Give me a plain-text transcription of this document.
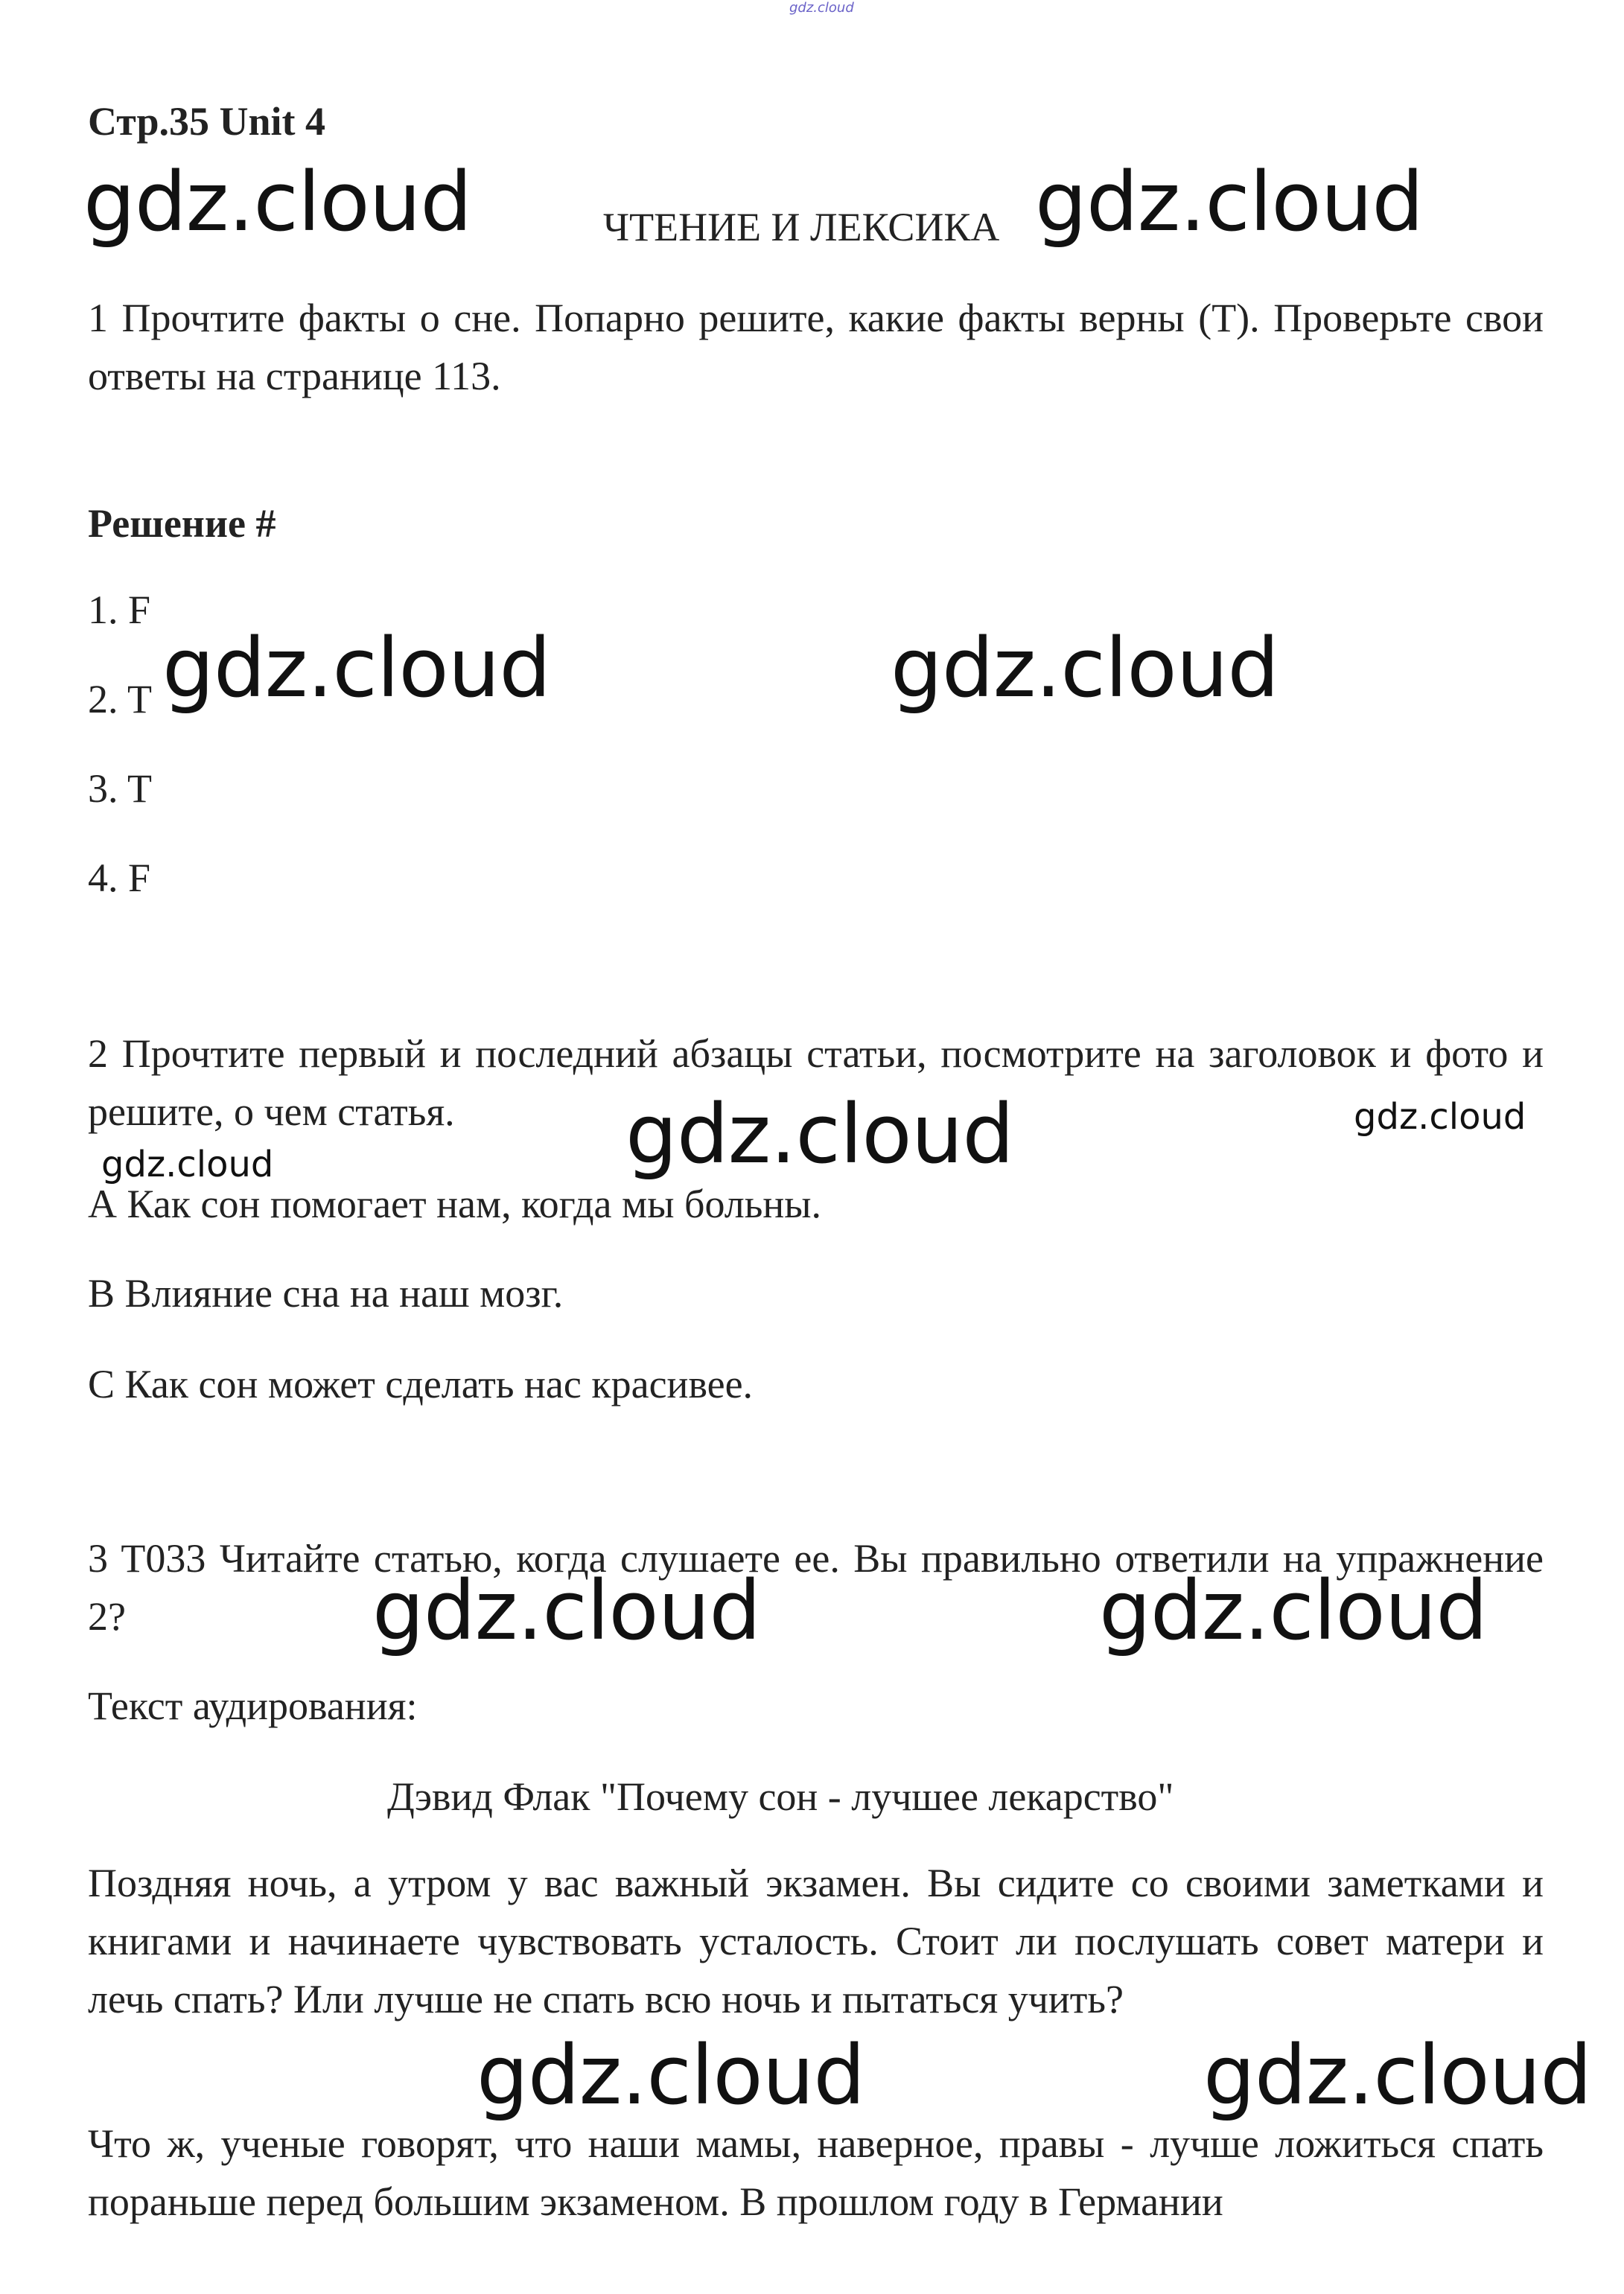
gdz.cloud
Стр.35 Unit 4
ЧТЕНИЕ И ЛЕКСИКА
1 Прочтите факты о сне. Попарно решите, какие факты верны (T). Проверьте свои ответы на странице 113.
Решение #
1. F
2. T
3. T
4. F
2 Прочтите первый и последний абзацы статьи, посмотрите на заголовок и фото и решите, о чем статья.
А Как сон помогает нам, когда мы больны.
В Влияние сна на наш мозг.
С Как сон может сделать нас красивее.
3 T033 Читайте статью, когда слушаете ее. Вы правильно ответили на упражнение 2?
Текст аудирования:
Дэвид Флак "Почему сон - лучшее лекарство"
Поздняя ночь, а утром у вас важный экзамен. Вы сидите со своими заметками и книгами и начинаете чувствовать усталость. Стоит ли послушать совет матери и лечь спать? Или лучше не спать всю ночь и пытаться учить?
Что ж, ученые говорят, что наши мамы, наверное, правы - лучше ложиться спать пораньше перед большим экзаменом. В прошлом году в Германии
gdz.cloud	gdz.cloud
gdz.cloud	gdz.cloud
gdz.cloud	gdz.cloud
gdz.cloud
gdz.cloud	gdz.cloud
gdz.cloud	gdz.cloud
